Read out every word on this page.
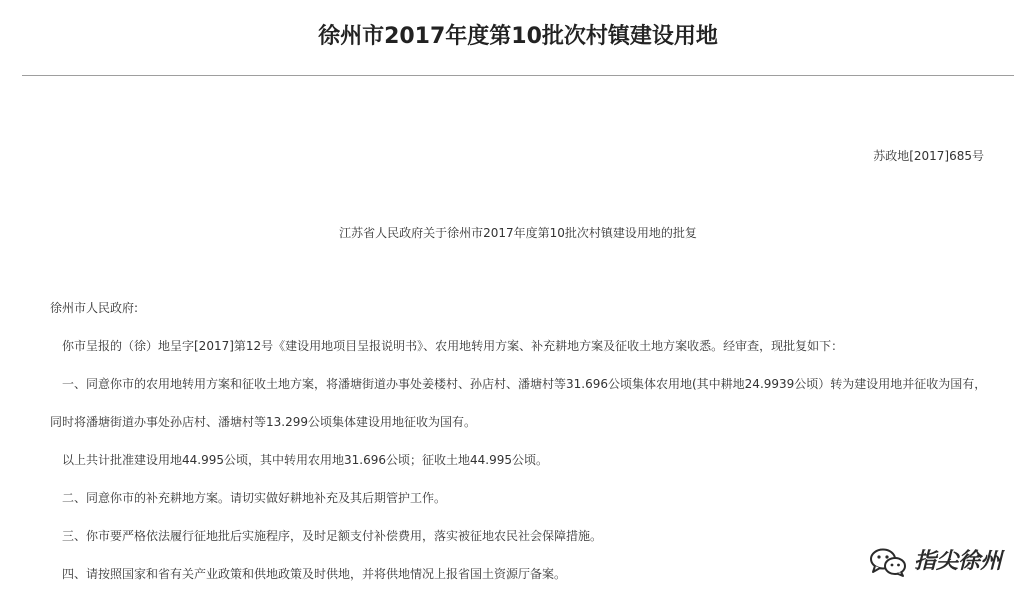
徐州市2017年度第10批次村镇建设用地
苏政地[2017]685号
江苏省人民政府关于徐州市2017年度第10批次村镇建设用地的批复
徐州市人民政府:
你市呈报的（徐）地呈字[2017]第12号《建设用地项目呈报说明书》、农用地转用方案、补充耕地方案及征收土地方案收悉。经审查，现批复如下：
一、同意你市的农用地转用方案和征收土地方案，将潘塘街道办事处姜楼村、孙店村、潘塘村等31.696公顷集体农用地(其中耕地24.9939公顷）转为建设用地并征收为国有，
同时将潘塘街道办事处孙店村、潘塘村等13.299公顷集体建设用地征收为国有。
以上共计批准建设用地44.995公顷，其中转用农用地31.696公顷；征收土地44.995公顷。
二、同意你市的补充耕地方案。请切实做好耕地补充及其后期管护工作。
三、你市要严格依法履行征地批后实施程序，及时足额支付补偿费用，落实被征地农民社会保障措施。
四、请按照国家和省有关产业政策和供地政策及时供地，并将供地情况上报省国土资源厅备案。	指尖徐州
